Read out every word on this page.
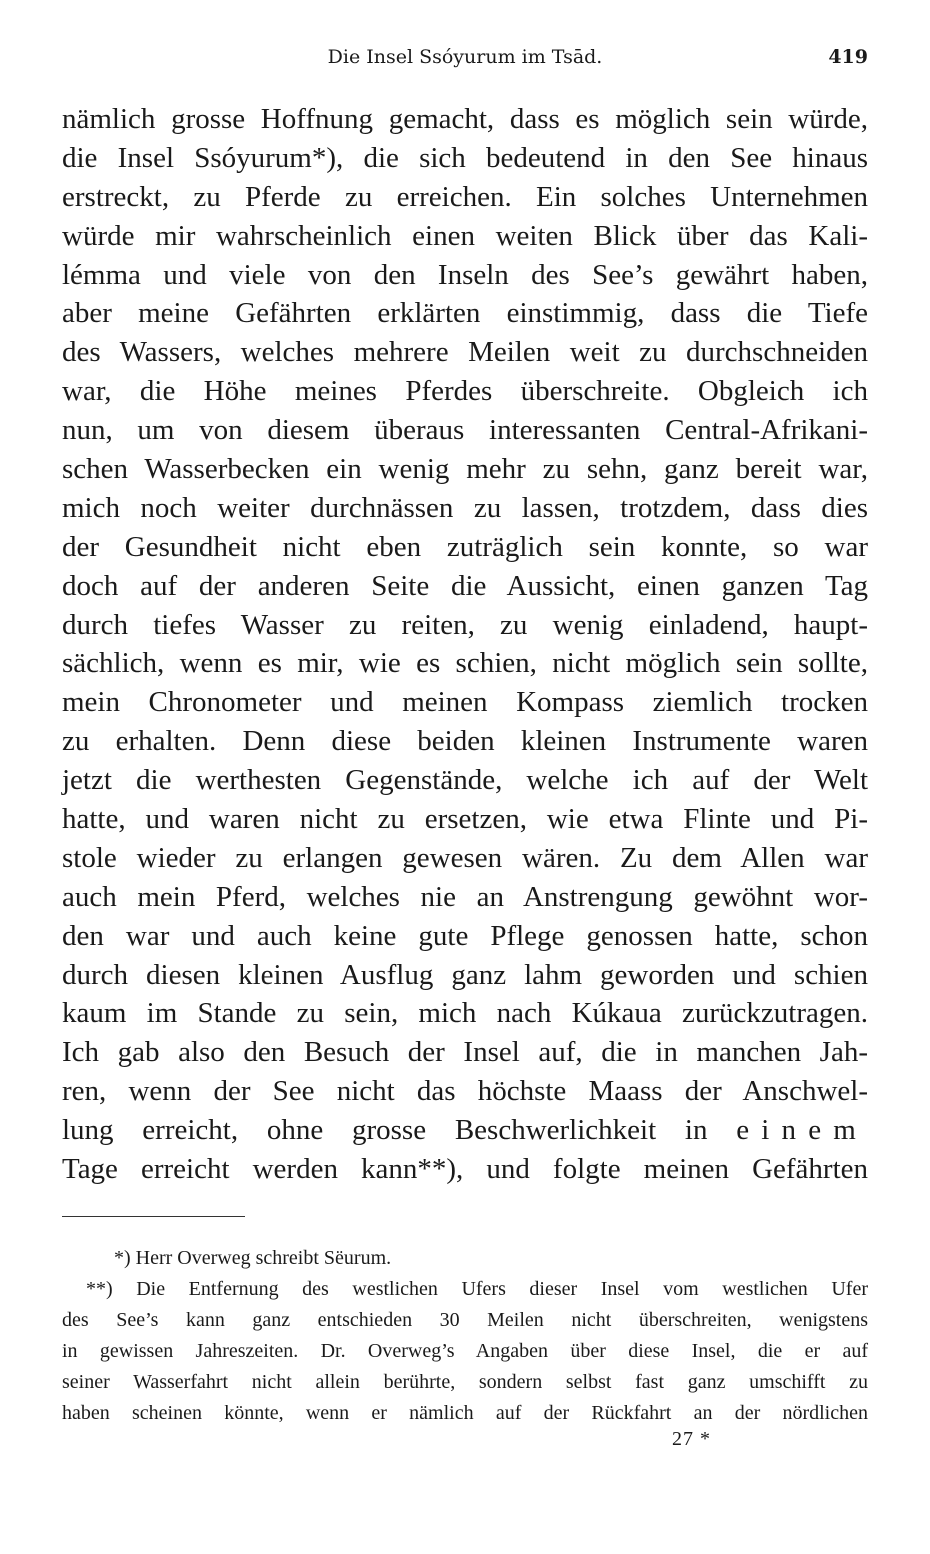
Die Insel Ssóyurum im Tsād.	419
nämlich grosse Hoffnung gemacht, dass es möglich sein würde,
die Insel Ssóyurum*), die sich bedeutend in den See hinaus
erstreckt, zu Pferde zu erreichen. Ein solches Unternehmen
würde mir wahrscheinlich einen weiten Blick über das Kali-
lémma und viele von den Inseln des See’s gewährt haben,
aber meine Gefährten erklärten einstimmig, dass die Tiefe
des Wassers, welches mehrere Meilen weit zu durchschneiden
war, die Höhe meines Pferdes überschreite. Obgleich ich
nun, um von diesem überaus interessanten Central-Afrikani-
schen Wasserbecken ein wenig mehr zu sehn, ganz bereit war,
mich noch weiter durchnässen zu lassen, trotzdem, dass dies
der Gesundheit nicht eben zuträglich sein konnte, so war
doch auf der anderen Seite die Aussicht, einen ganzen Tag
durch tiefes Wasser zu reiten, zu wenig einladend, haupt-
sächlich, wenn es mir, wie es schien, nicht möglich sein sollte,
mein Chronometer und meinen Kompass ziemlich trocken
zu erhalten. Denn diese beiden kleinen Instrumente waren
jetzt die werthesten Gegenstände, welche ich auf der Welt
hatte, und waren nicht zu ersetzen, wie etwa Flinte und Pi-
stole wieder zu erlangen gewesen wären. Zu dem Allen war
auch mein Pferd, welches nie an Anstrengung gewöhnt wor-
den war und auch keine gute Pflege genossen hatte, schon
durch diesen kleinen Ausflug ganz lahm geworden und schien
kaum im Stande zu sein, mich nach Kúkaua zurückzutragen.
Ich gab also den Besuch der Insel auf, die in manchen Jah-
ren, wenn der See nicht das höchste Maass der Anschwel-
lung erreicht, ohne grosse Beschwerlichkeit in einem
Tage erreicht werden kann**), und folgte meinen Gefährten
*) Herr Overweg schreibt Sëurum.
**) Die Entfernung des westlichen Ufers dieser Insel vom westlichen Ufer
des See’s kann ganz entschieden 30 Meilen nicht überschreiten, wenigstens
in gewissen Jahreszeiten. Dr. Overweg’s Angaben über diese Insel, die er auf
seiner Wasserfahrt nicht allein berührte, sondern selbst fast ganz umschifft zu
haben scheinen könnte, wenn er nämlich auf der Rückfahrt an der nördlichen
27 *
